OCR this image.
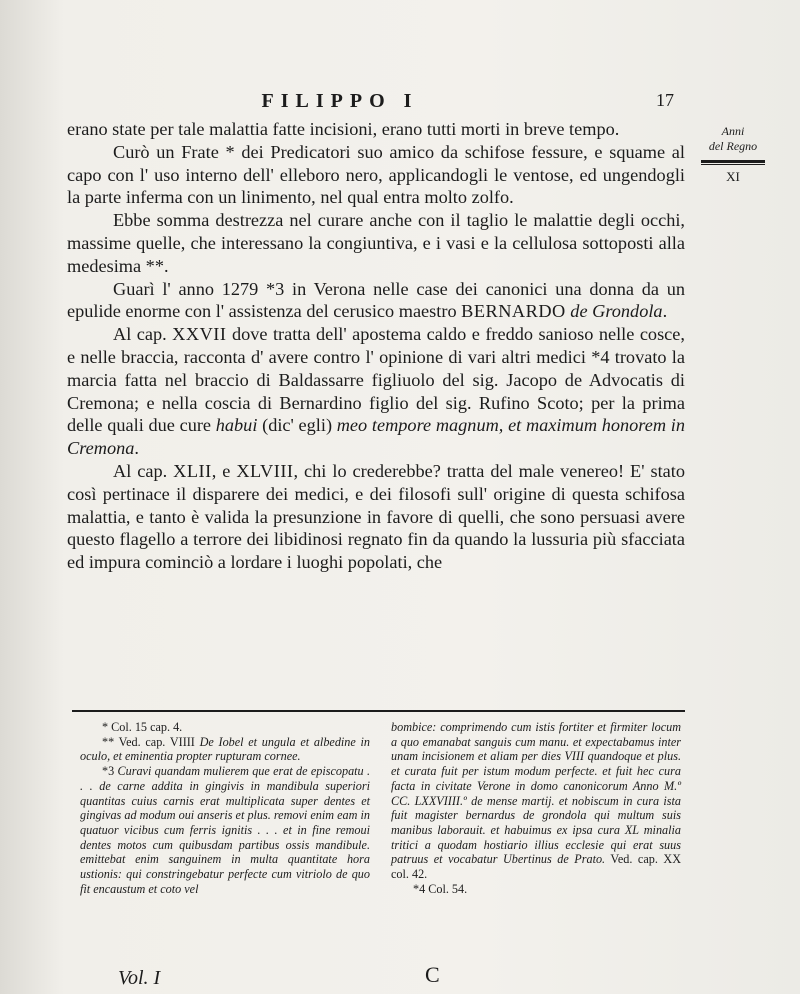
FILIPPO I	17
Anni
del Regno
XI

erano state per tale malattia fatte incisioni, erano tutti morti in breve tempo.

Curò un Frate * dei Predicatori suo amico da schifose fessure, e squame al capo con l' uso interno dell' elleboro nero, applicandogli le ventose, ed ungendogli la parte inferma con un linimento, nel qual entra molto zolfo.

Ebbe somma destrezza nel curare anche con il taglio le malattie degli occhi, massime quelle, che interessano la congiuntiva, e i vasi e la cellulosa sottoposti alla medesima **.

Guarì l' anno 1279 *3 in Verona nelle case dei canonici una donna da un epulide enorme con l' assistenza del cerusico maestro BERNARDO de Grondola.

Al cap. XXVII dove tratta dell' apostema caldo e freddo sanioso nelle cosce, e nelle braccia, racconta d' avere contro l' opinione di vari altri medici *4 trovato la marcia fatta nel braccio di Baldassarre figliuolo del sig. Jacopo de Advocatis di Cremona; e nella coscia di Bernardino figlio del sig. Rufino Scoto; per la prima delle quali due cure habui (dic' egli) meo tempore magnum, et maximum honorem in Cremona.

Al cap. XLII, e XLVIII, chi lo crederebbe? tratta del male venereo! E' stato così pertinace il disparere dei medici, e dei filosofi sull' origine di questa schifosa malattia, e tanto è valida la presunzione in favore di quelli, che sono persuasi avere questo flagello a terrore dei libidinosi regnato fin da quando la lussuria più sfacciata ed impura cominciò a lordare i luoghi popolati, che

* Col. 15 cap. 4.
** Ved. cap. VIIII De Iobel et ungula et albedine in oculo, et eminentia propter rupturam cornee.
*3 Curavi quandam mulierem que erat de episcopatu . . . de carne addita in gingivis in mandibula superiori quantitas cuius carnis erat multiplicata super dentes et gingivas ad modum oui anseris et plus. removi enim eam in quatuor vicibus cum ferris ignitis . . . et in fine remoui dentes motos cum quibusdam partibus ossis mandibule. emittebat enim sanguinem in multa quantitate hora ustionis: qui constringebatur perfecte cum vitriolo de quo fit encaustum et coto vel
bombice: comprimendo cum istis fortiter et firmiter locum a quo emanabat sanguis cum manu. et expectabamus inter unam incisionem et aliam per dies VIII quandoque et plus. et curata fuit per istum modum perfecte. et fuit hec cura facta in civitate Verone in domo canonicorum Anno M.º CC. LXXVIIII.º de mense martij. et nobiscum in cura ista fuit magister bernardus de grondola qui multum suis manibus laborauit. et habuimus ex ipsa cura XL minalia tritici a quodam hostiario illius ecclesie qui erat suus patruus et vocabatur Ubertinus de Prato. Ved. cap. XX col. 42.
*4 Col. 54.
Vol. I	C
